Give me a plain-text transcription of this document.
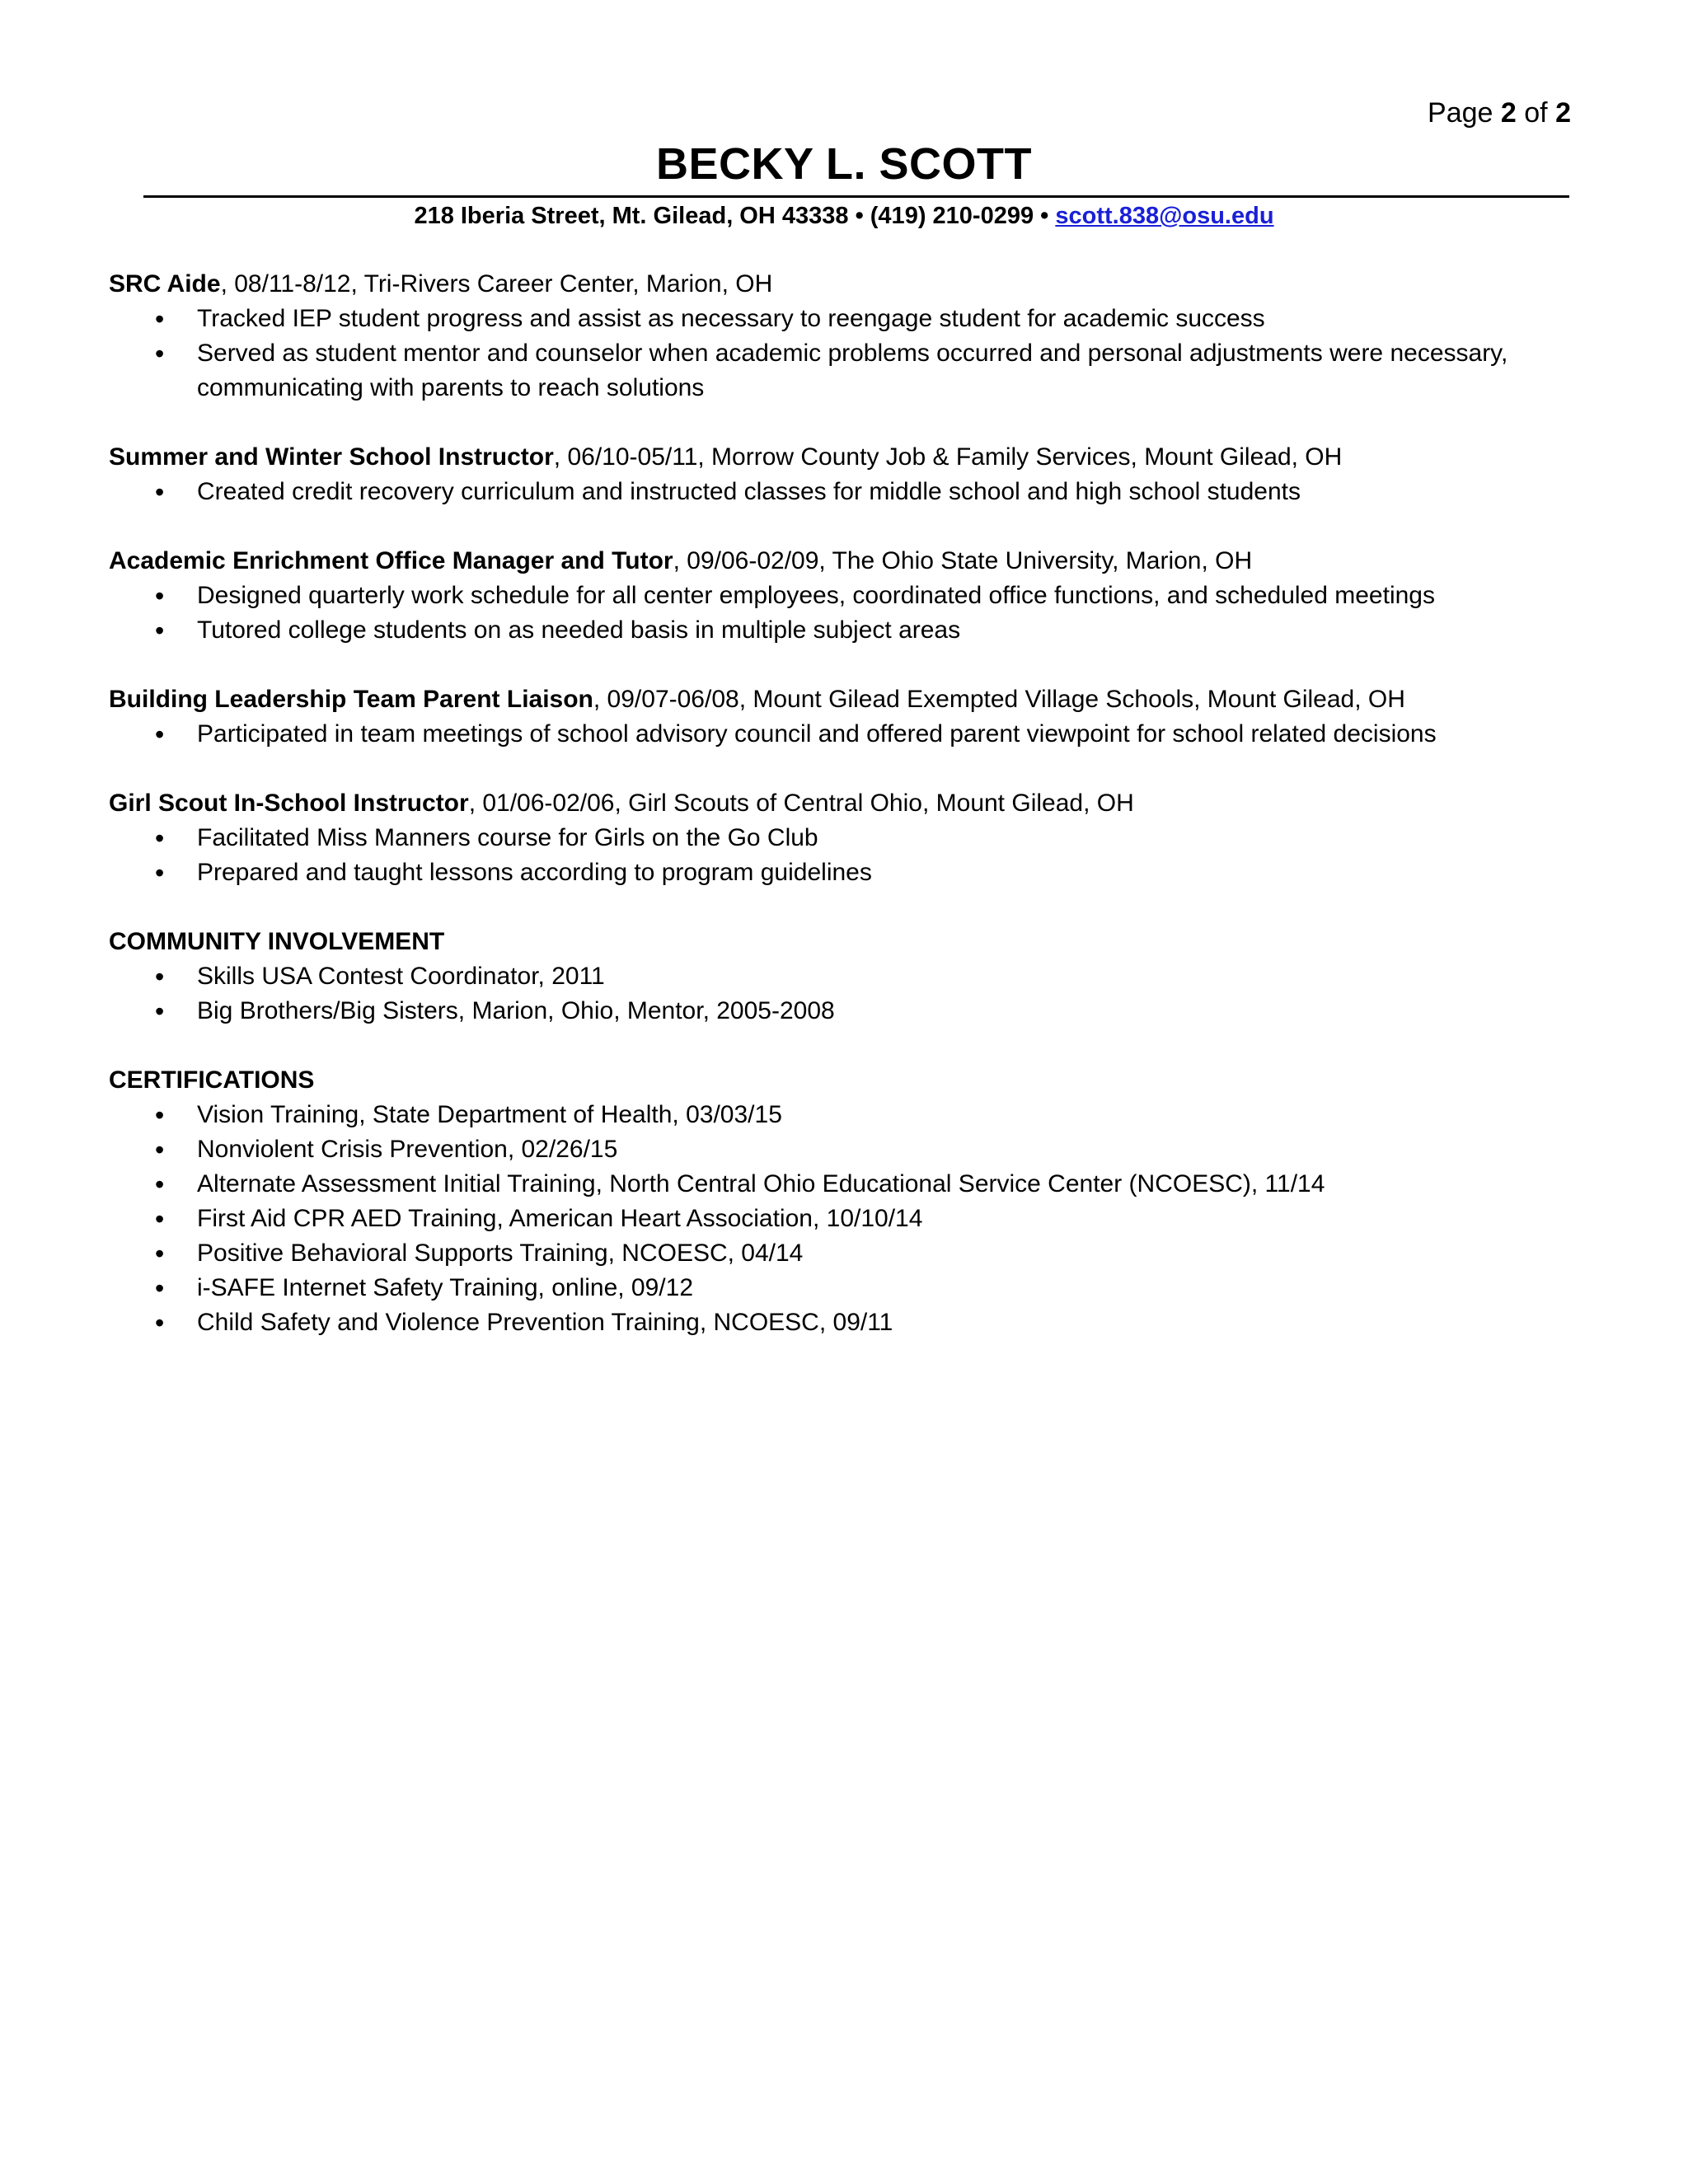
Page 2 of 2
BECKY L. SCOTT
218 Iberia Street, Mt. Gilead, OH 43338 • (419) 210-0299 • scott.838@osu.edu
SRC Aide, 08/11-8/12, Tri-Rivers Career Center, Marion, OH
• Tracked IEP student progress and assist as necessary to reengage student for academic success
• Served as student mentor and counselor when academic problems occurred and personal adjustments were necessary, communicating with parents to reach solutions
Summer and Winter School Instructor, 06/10-05/11, Morrow County Job & Family Services, Mount Gilead, OH
• Created credit recovery curriculum and instructed classes for middle school and high school students
Academic Enrichment Office Manager and Tutor, 09/06-02/09, The Ohio State University, Marion, OH
• Designed quarterly work schedule for all center employees, coordinated office functions, and scheduled meetings
• Tutored college students on as needed basis in multiple subject areas
Building Leadership Team Parent Liaison, 09/07-06/08, Mount Gilead Exempted Village Schools, Mount Gilead, OH
• Participated in team meetings of school advisory council and offered parent viewpoint for school related decisions
Girl Scout In-School Instructor, 01/06-02/06, Girl Scouts of Central Ohio, Mount Gilead, OH
• Facilitated Miss Manners course for Girls on the Go Club
• Prepared and taught lessons according to program guidelines
COMMUNITY INVOLVEMENT
• Skills USA Contest Coordinator, 2011
• Big Brothers/Big Sisters, Marion, Ohio, Mentor, 2005-2008
CERTIFICATIONS
• Vision Training, State Department of Health, 03/03/15
• Nonviolent Crisis Prevention, 02/26/15
• Alternate Assessment Initial Training, North Central Ohio Educational Service Center (NCOESC), 11/14
• First Aid CPR AED Training, American Heart Association, 10/10/14
• Positive Behavioral Supports Training, NCOESC, 04/14
• i-SAFE Internet Safety Training, online, 09/12
• Child Safety and Violence Prevention Training, NCOESC, 09/11
